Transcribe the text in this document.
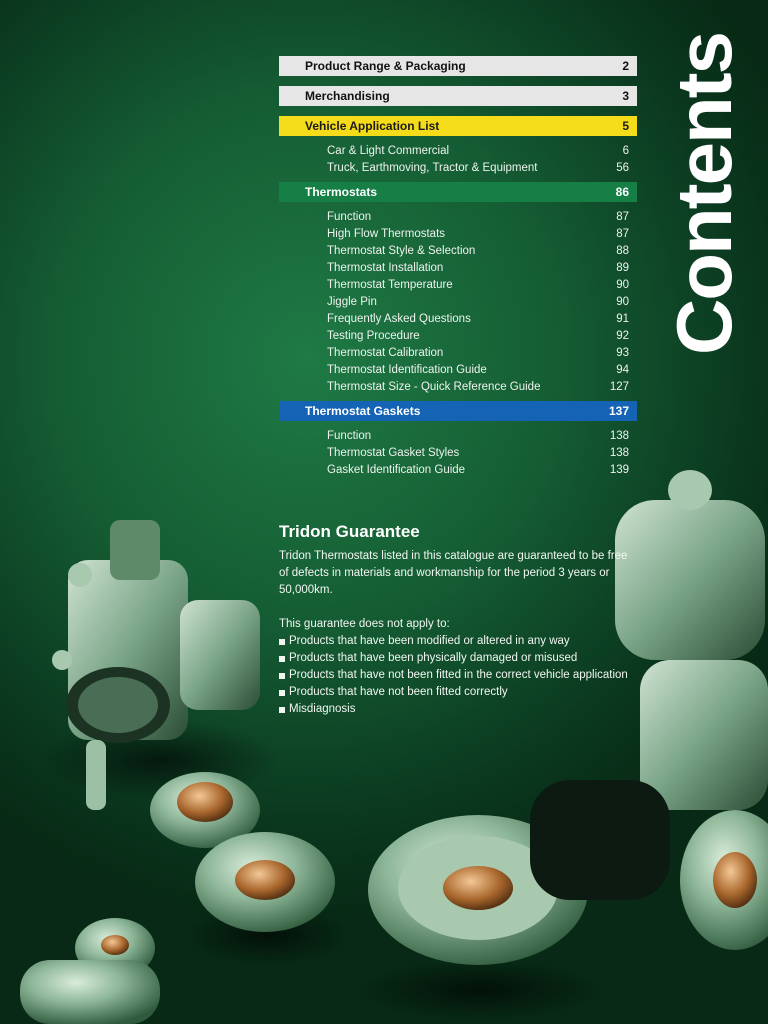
Contents
Product Range & Packaging	2
Merchandising	3
Vehicle Application List	5
Car & Light Commercial	6
Truck, Earthmoving, Tractor & Equipment	56
Thermostats	86
Function	87
High Flow Thermostats	87
Thermostat Style & Selection	88
Thermostat Installation	89
Thermostat Temperature	90
Jiggle Pin	90
Frequently Asked Questions	91
Testing Procedure	92
Thermostat Calibration	93
Thermostat Identification Guide	94
Thermostat Size - Quick Reference Guide	127
Thermostat Gaskets	137
Function	138
Thermostat Gasket Styles	138
Gasket Identification Guide	139
Tridon Guarantee

Tridon Thermostats listed in this catalogue are guaranteed to be free of defects in materials and workmanship for the period 3 years or 50,000km.

This guarantee does not apply to:

Products that have been modified or altered in any way
Products that have been physically damaged or misused
Products that have not been fitted in the correct vehicle application
Products that have not been fitted correctly
Misdiagnosis
